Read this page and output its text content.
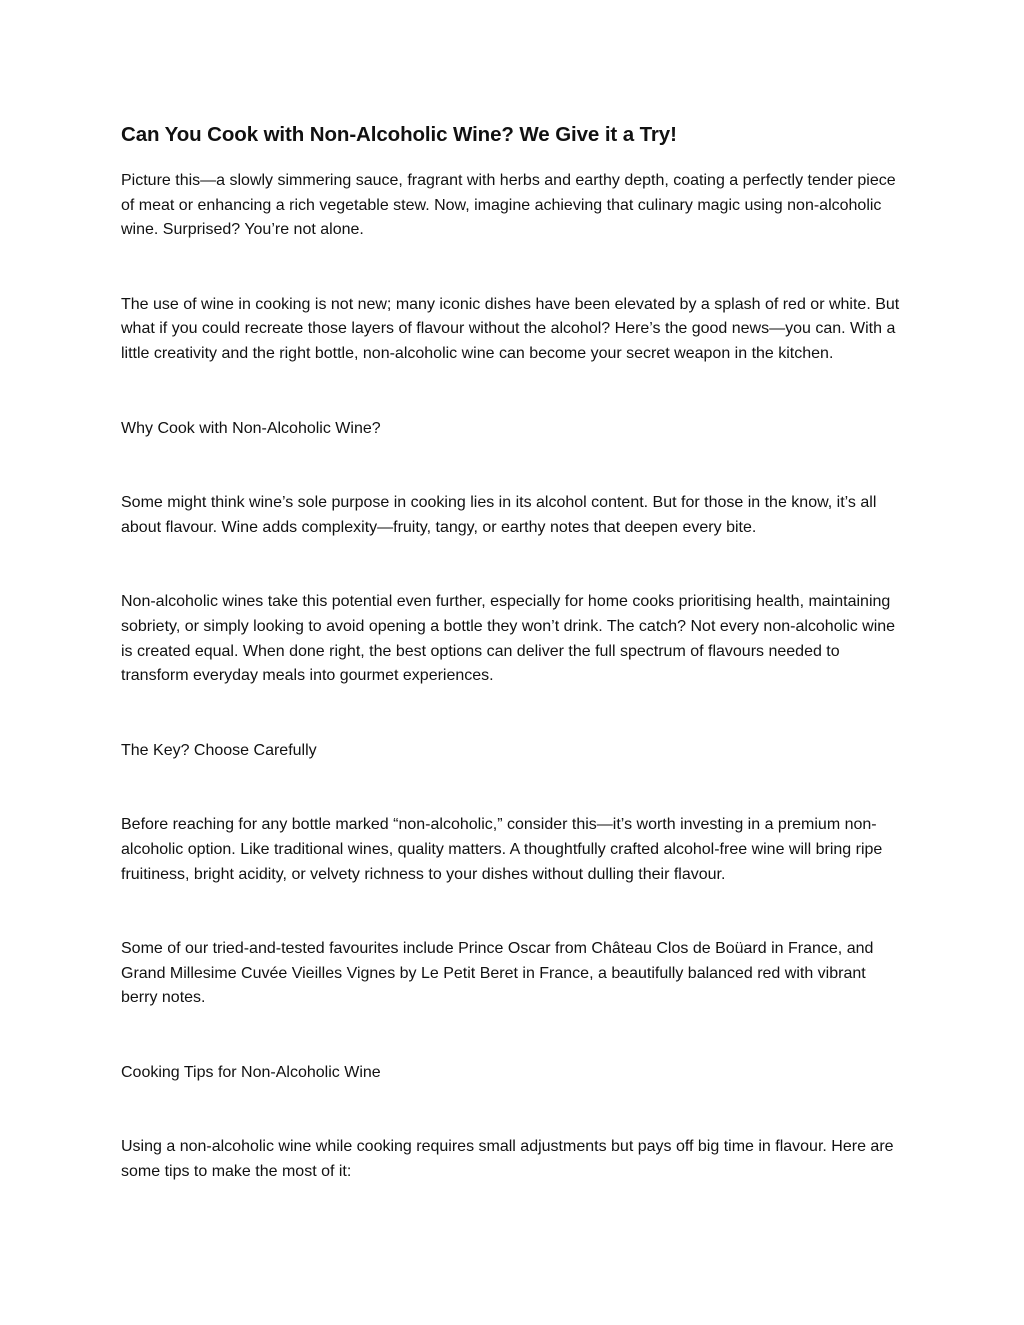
Can You Cook with Non-Alcoholic Wine? We Give it a Try!

Picture this—a slowly simmering sauce, fragrant with herbs and earthy depth, coating a perfectly tender piece of meat or enhancing a rich vegetable stew. Now, imagine achieving that culinary magic using non-alcoholic wine. Surprised? You’re not alone.

The use of wine in cooking is not new; many iconic dishes have been elevated by a splash of red or white. But what if you could recreate those layers of flavour without the alcohol? Here’s the good news—you can. With a little creativity and the right bottle, non-alcoholic wine can become your secret weapon in the kitchen.

Why Cook with Non-Alcoholic Wine?

Some might think wine’s sole purpose in cooking lies in its alcohol content. But for those in the know, it’s all about flavour. Wine adds complexity—fruity, tangy, or earthy notes that deepen every bite.

Non-alcoholic wines take this potential even further, especially for home cooks prioritising health, maintaining sobriety, or simply looking to avoid opening a bottle they won’t drink. The catch? Not every non-alcoholic wine is created equal. When done right, the best options can deliver the full spectrum of flavours needed to transform everyday meals into gourmet experiences.

The Key? Choose Carefully

Before reaching for any bottle marked “non-alcoholic,” consider this—it’s worth investing in a premium non-alcoholic option. Like traditional wines, quality matters. A thoughtfully crafted alcohol-free wine will bring ripe fruitiness, bright acidity, or velvety richness to your dishes without dulling their flavour.

Some of our tried-and-tested favourites include Prince Oscar from Château Clos de Boüard in France, and Grand Millesime Cuvée Vieilles Vignes by Le Petit Beret in France, a beautifully balanced red with vibrant berry notes.

Cooking Tips for Non-Alcoholic Wine

Using a non-alcoholic wine while cooking requires small adjustments but pays off big time in flavour. Here are some tips to make the most of it:
